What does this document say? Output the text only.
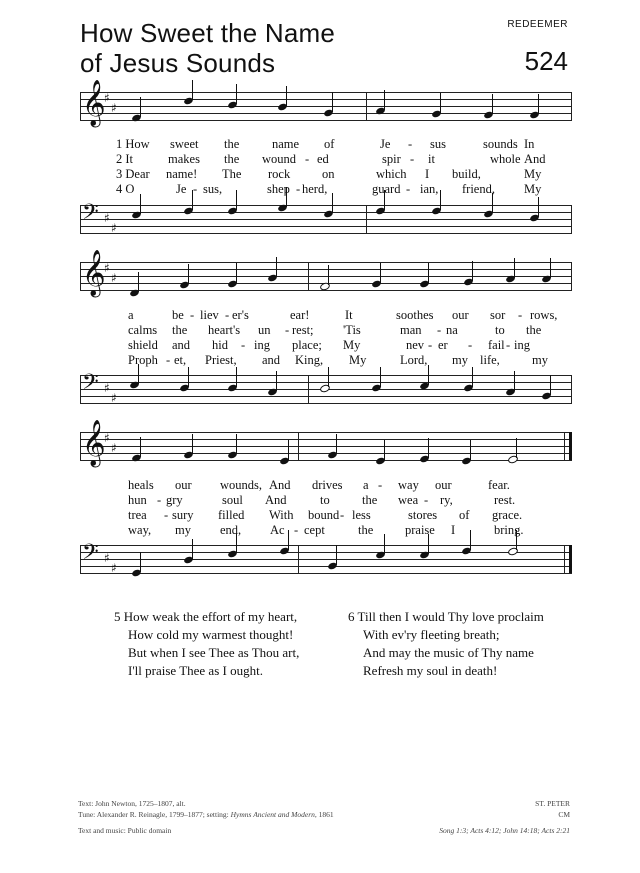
How Sweet the Name
of Jesus Sounds
REDEEMER
524
𝄞
♯
♯
𝄢 ♯
♯
𝄞
♯
♯
𝄢 ♯
♯
𝄞
♯
♯
𝄢 ♯
♯
1 How sweet the	name of	Je - sus	sounds In
2 It	makes the wound - ed	spir - it	whole And
3 Dear name! The rock	on	which I build,	My
4 O	Je - sus,	shep - herd,	guard - ian, friend, My
a	be - liev - er's	ear!	It	soothes our sor - rows,
calms the heart's un - rest; 'Tis	man - na	to the
shield and hid - ing place; My	nev - er - fail - ing
Proph - et, Priest, and King, My	Lord, my life,	my
heals our wounds, And drives a - way our	fear.
hun - gry	soul And	to	the wea - ry,	rest.
trea - sury filled With bound - less	stores of grace.
way, my end, Ac - cept	the	praise I	bring.
5 How weak the effort of my heart,
How cold my warmest thought!
But when I see Thee as Thou art,
I'll praise Thee as I ought.
6 Till then I would Thy love proclaim
With ev'ry fleeting breath;
And may the music of Thy name
Refresh my soul in death!
Text: John Newton, 1725–1807, alt.
Tune: Alexander R. Reinagle, 1799–1877; setting: Hymns Ancient and Modern, 1861
Text and music: Public domain
ST. PETER
CM
Song 1:3; Acts 4:12; John 14:18; Acts 2:21
